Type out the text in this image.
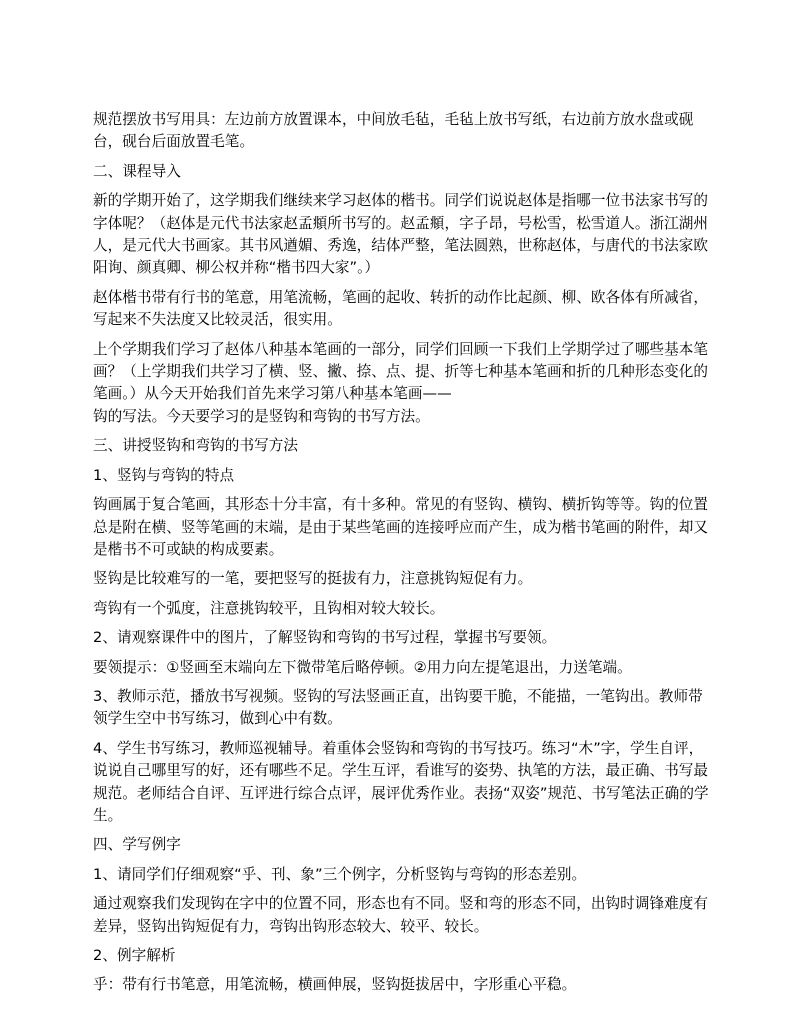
规范摆放书写用具：左边前方放置课本，中间放毛毡，毛毡上放书写纸，右边前方放水盘或砚台，砚台后面放置毛笔。

二、课程导入

新的学期开始了，这学期我们继续来学习赵体的楷书。同学们说说赵体是指哪一位书法家书写的字体呢？（赵体是元代书法家赵孟頫所书写的。赵孟頫，字子昂，号松雪，松雪道人。浙江湖州人，是元代大书画家。其书风遒媚、秀逸，结体严整，笔法圆熟，世称赵体，与唐代的书法家欧阳询、颜真卿、柳公权并称“楷书四大家”。）

赵体楷书带有行书的笔意，用笔流畅，笔画的起收、转折的动作比起颜、柳、欧各体有所减省，写起来不失法度又比较灵活，很实用。

上个学期我们学习了赵体八种基本笔画的一部分，同学们回顾一下我们上学期学过了哪些基本笔画？（上学期我们共学习了横、竖、撇、捺、点、提、折等七种基本笔画和折的几种形态变化的笔画。）从今天开始我们首先来学习第八种基本笔画——
钩的写法。今天要学习的是竖钩和弯钩的书写方法。

三、讲授竖钩和弯钩的书写方法

1、竖钩与弯钩的特点

钩画属于复合笔画，其形态十分丰富，有十多种。常见的有竖钩、横钩、横折钩等等。钩的位置总是附在横、竖等笔画的末端，是由于某些笔画的连接呼应而产生，成为楷书笔画的附件，却又是楷书不可或缺的构成要素。

竖钩是比较难写的一笔，要把竖写的挺拔有力，注意挑钩短促有力。

弯钩有一个弧度，注意挑钩较平，且钩相对较大较长。

2、请观察课件中的图片，了解竖钩和弯钩的书写过程，掌握书写要领。

要领提示：①竖画至末端向左下微带笔后略停顿。②用力向左提笔退出，力送笔端。

3、教师示范，播放书写视频。竖钩的写法竖画正直，出钩要干脆，不能描，一笔钩出。教师带领学生空中书写练习，做到心中有数。

4、学生书写练习，教师巡视辅导。着重体会竖钩和弯钩的书写技巧。练习“木”字，学生自评，说说自己哪里写的好，还有哪些不足。学生互评，看谁写的姿势、执笔的方法，最正确、书写最规范。老师结合自评、互评进行综合点评，展评优秀作业。表扬“双姿”规范、书写笔法正确的学生。

四、学写例字

1、请同学们仔细观察“乎、刊、象”三个例字，分析竖钩与弯钩的形态差别。

通过观察我们发现钩在字中的位置不同，形态也有不同。竖和弯的形态不同，出钩时调锋难度有差异，竖钩出钩短促有力，弯钩出钩形态较大、较平、较长。

2、例字解析

乎：带有行书笔意，用笔流畅，横画伸展，竖钩挺拔居中，字形重心平稳。
